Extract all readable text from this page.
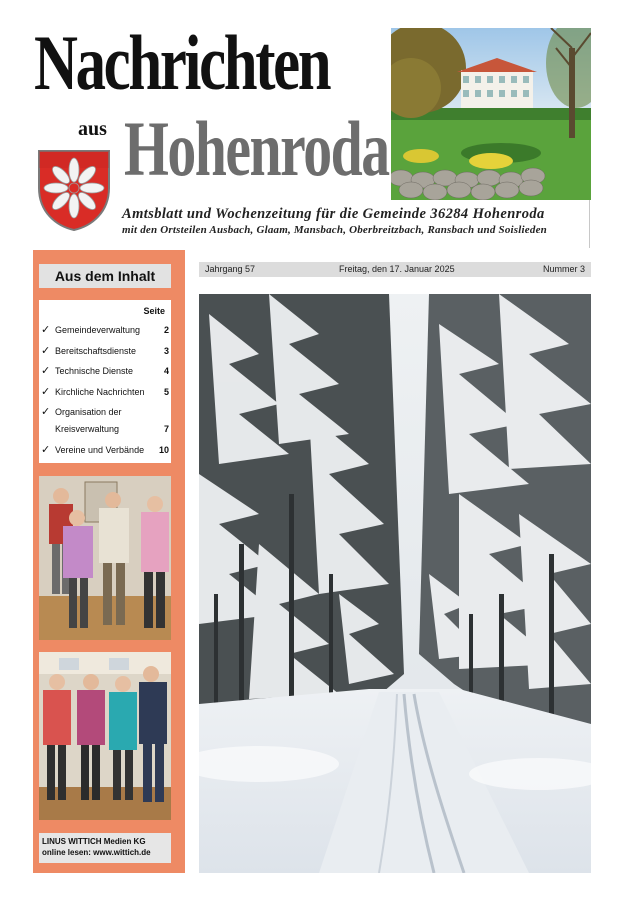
Nachrichten
aus Hohenroda
Amtsblatt und Wochenzeitung für die Gemeinde 36284 Hohenroda
mit den Ortsteilen Ausbach, Glaam, Mansbach, Oberbreitzbach, Ransbach und Soislieden
Jahrgang 57	Freitag, den 17. Januar 2025	Nummer 3
Aus dem Inhalt
Seite
✓ Gemeindeverwaltung	2
✓ Bereitschaftsdienste	3
✓ Technische Dienste	4
✓ Kirchliche Nachrichten 5
✓ Organisation der
Kreisverwaltung	7
✓ Vereine und Verbände 10
LINUS WITTICH Medien KG
online lesen: www.wittich.de
